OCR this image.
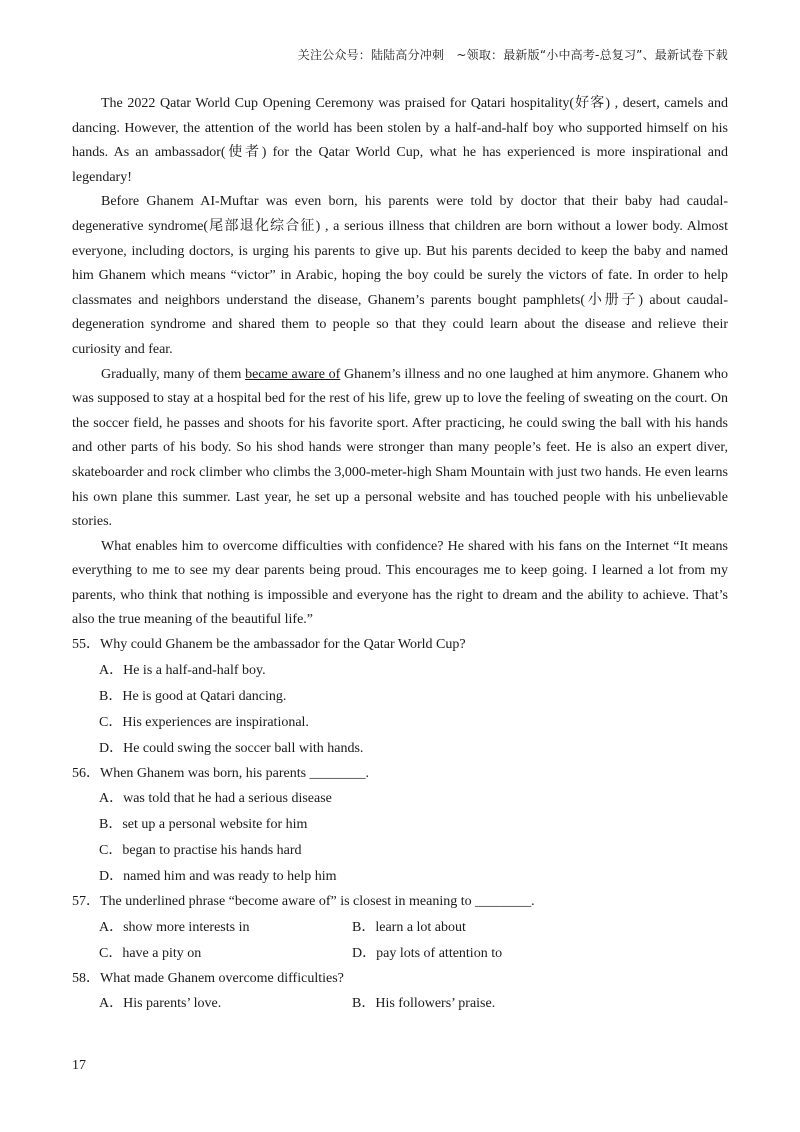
关注公众号：陆陆高分冲刺　~领取：最新版“小中高考-总复习”、最新试卷下载

The 2022 Qatar World Cup Opening Ceremony was praised for Qatari hospitality(好客) , desert, camels and dancing. However, the attention of the world has been stolen by a half-and-half boy who supported himself on his hands. As an ambassador(使者) for the Qatar World Cup, what he has experienced is more inspirational and legendary!

Before Ghanem AI-Muftar was even born, his parents were told by doctor that their baby had caudal-degenerative syndrome(尾部退化综合征) , a serious illness that children are born without a lower body. Almost everyone, including doctors, is urging his parents to give up. But his parents decided to keep the baby and named him Ghanem which means “victor” in Arabic, hoping the boy could be surely the victors of fate. In order to help classmates and neighbors understand the disease, Ghanem’s parents bought pamphlets(小册子) about caudal-degeneration syndrome and shared them to people so that they could learn about the disease and relieve their curiosity and fear.

Gradually, many of them became aware of Ghanem’s illness and no one laughed at him anymore. Ghanem who was supposed to stay at a hospital bed for the rest of his life, grew up to love the feeling of sweating on the court. On the soccer field, he passes and shoots for his favorite sport. After practicing, he could swing the ball with his hands and other parts of his body. So his shod hands were stronger than many people’s feet. He is also an expert diver, skateboarder and rock climber who climbs the 3,000-meter-high Sham Mountain with just two hands. He even learns his own plane this summer. Last year, he set up a personal website and has touched people with his unbelievable stories.

What enables him to overcome difficulties with confidence? He shared with his fans on the Internet “It means everything to me to see my dear parents being proud. This encourages me to keep going. I learned a lot from my parents, who think that nothing is impossible and everyone has the right to dream and the ability to achieve. That’s also the true meaning of the beautiful life.”

55．Why could Ghanem be the ambassador for the Qatar World Cup?

A．He is a half-and-half boy.

B．He is good at Qatari dancing.

C．His experiences are inspirational.

D．He could swing the soccer ball with hands.

56．When Ghanem was born, his parents ________.

A．was told that he had a serious disease

B．set up a personal website for him

C．began to practise his hands hard

D．named him and was ready to help him

57．The underlined phrase “become aware of” is closest in meaning to ________.

A．show more interests in	B．learn a lot about
C．have a pity on	D．pay lots of attention to

58．What made Ghanem overcome difficulties?

A．His parents’ love.	B．His followers’ praise.
17
